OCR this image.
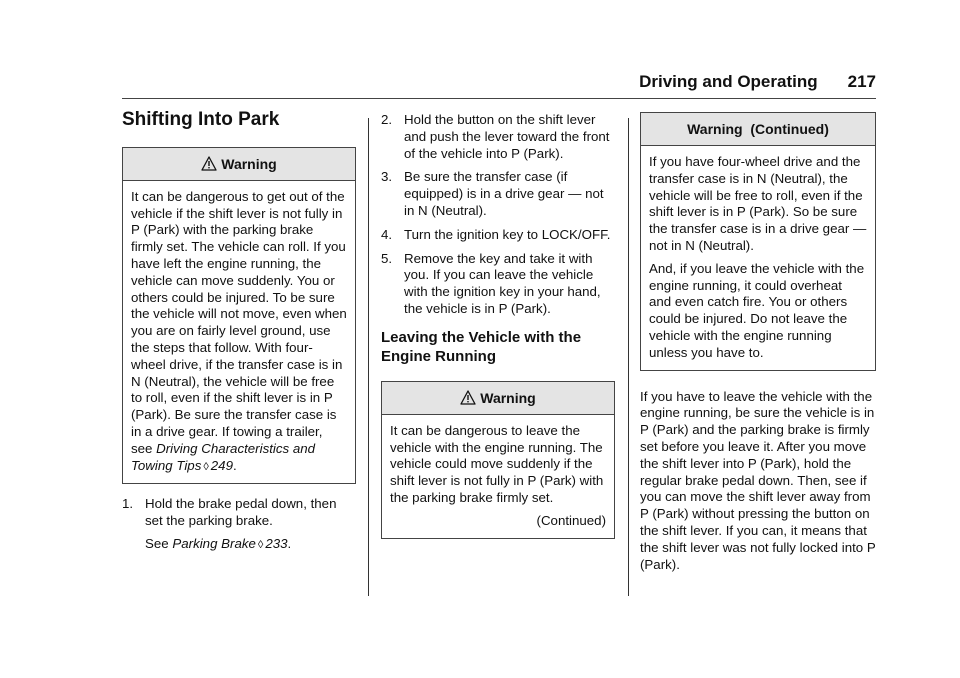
Driving and Operating 217
Shifting Into Park
Warning

It can be dangerous to get out of the vehicle if the shift lever is not fully in P (Park) with the parking brake firmly set. The vehicle can roll. If you have left the engine running, the vehicle can move suddenly. You or others could be injured. To be sure the vehicle will not move, even when you are on fairly level ground, use the steps that follow. With four-wheel drive, if the transfer case is in N (Neutral), the vehicle will be free to roll, even if the shift lever is in P (Park). Be sure the transfer case is in a drive gear. If towing a trailer, see Driving Characteristics and Towing Tips ◊ 249.

1. Hold the brake pedal down, then set the parking brake.
See Parking Brake ◊ 233.
2. Hold the button on the shift lever and push the lever toward the front of the vehicle into P (Park).
3. Be sure the transfer case (if equipped) is in a drive gear — not in N (Neutral).
4. Turn the ignition key to LOCK/OFF.
5. Remove the key and take it with you. If you can leave the vehicle with the ignition key in your hand, the vehicle is in P (Park).
Leaving the Vehicle with the Engine Running
Warning

It can be dangerous to leave the vehicle with the engine running. The vehicle could move suddenly if the shift lever is not fully in P (Park) with the parking brake firmly set.

(Continued)
Warning  (Continued)

If you have four-wheel drive and the transfer case is in N (Neutral), the vehicle will be free to roll, even if the shift lever is in P (Park). So be sure the transfer case is in a drive gear — not in N (Neutral).

And, if you leave the vehicle with the engine running, it could overheat and even catch fire. You or others could be injured. Do not leave the vehicle with the engine running unless you have to.

If you have to leave the vehicle with the engine running, be sure the vehicle is in P (Park) and the parking brake is firmly set before you leave it. After you move the shift lever into P (Park), hold the regular brake pedal down. Then, see if you can move the shift lever away from P (Park) without pressing the button on the shift lever. If you can, it means that the shift lever was not fully locked into P (Park).
